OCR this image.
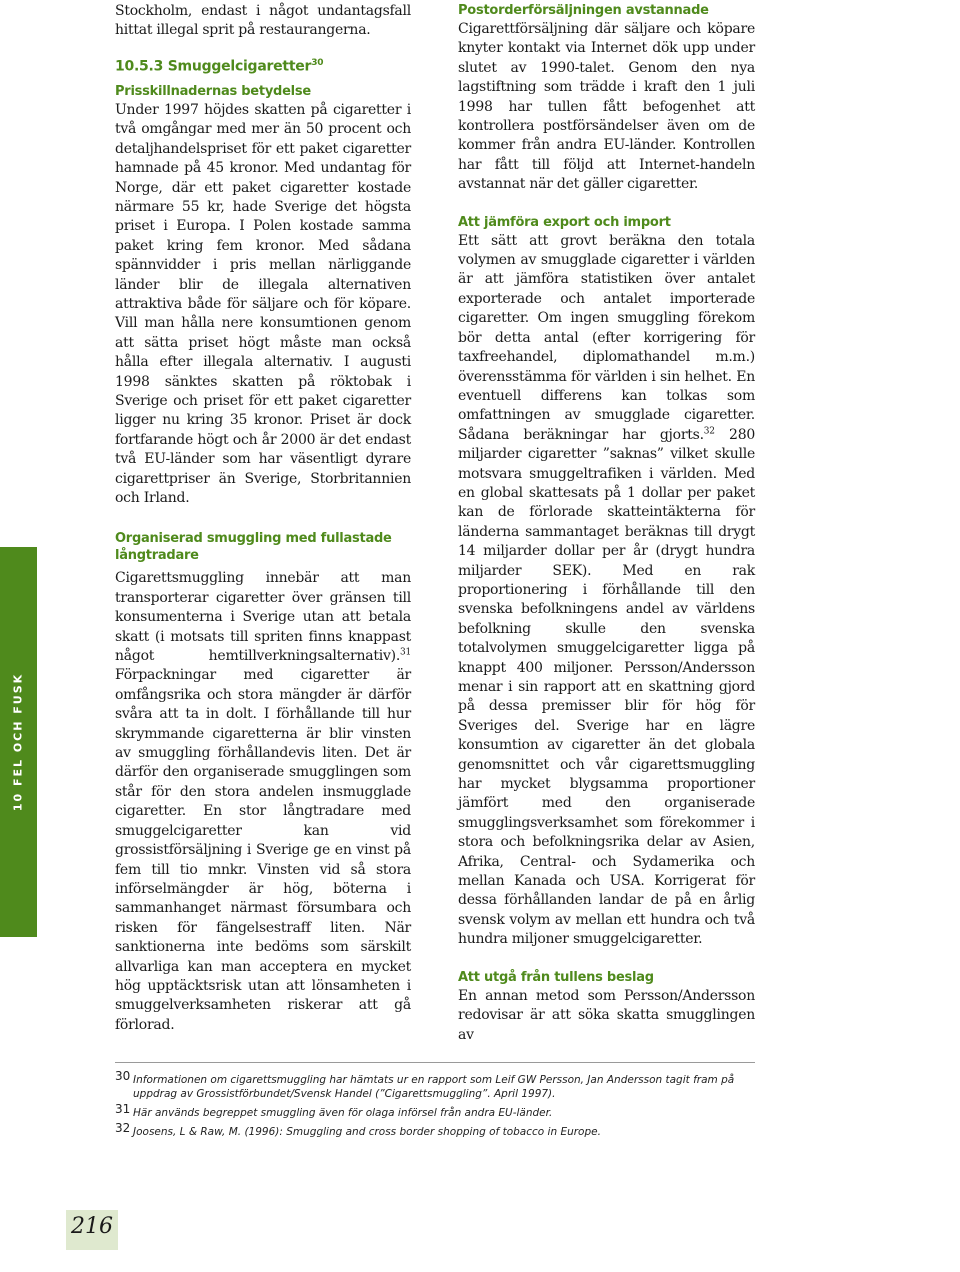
10 FEL OCH FUSK

Stockholm, endast i något undantagsfall hittat illegal sprit på restaurangerna.

10.5.3 Smuggelcigaretter$^{30}$
Prisskillnadernas betydelse

Under 1997 höjdes skatten på cigaretter i två omgångar med mer än 50 procent och detaljhandelspriset för ett paket cigaretter hamnade på 45 kronor. Med undantag för Norge, där ett paket cigaretter kostade närmare 55 kr, hade Sverige det högsta priset i Europa. I Polen kostade samma paket kring fem kronor. Med sådana spännvidder i pris mellan närliggande länder blir de illegala alternativen attraktiva både för säljare och för köpare. Vill man hålla nere konsumtionen genom att sätta priset högt måste man också hålla efter illegala alternativ. I augusti 1998 sänktes skatten på röktobak i Sverige och priset för ett paket cigaretter ligger nu kring 35 kronor. Priset är dock fortfarande högt och år 2000 är det endast två EU-länder som har väsentligt dyrare cigarettpriser än Sverige, Storbritannien och Irland.

Organiserad smuggling med fullastade långtradare

Cigarettsmuggling innebär att man transporterar cigaretter över gränsen till konsumenterna i Sverige utan att betala skatt (i motsats till spriten finns knappast något hemtillverkningsalternativ).$^{31}$ Förpackningar med cigaretter är omfångsrika och stora mängder är därför svåra att ta in dolt. I förhållande till hur skrymmande cigaretterna är blir vinsten av smuggling förhållandevis liten. Det är därför den organiserade smugglingen som står för den stora andelen insmugglade cigaretter. En stor långtradare med smuggelcigaretter kan vid grossistförsäljning i Sverige ge en vinst på fem till tio mnkr. Vinsten vid så stora införselmängder är hög, böterna i sammanhanget närmast försumbara och risken för fängelsestraff liten. När sanktionerna inte bedöms som särskilt allvarliga kan man acceptera en mycket hög upptäcktsrisk utan att lönsamheten i smuggelverksamheten riskerar att gå förlorad.

Postorderförsäljningen avstannade

Cigarettförsäljning där säljare och köpare knyter kontakt via Internet dök upp under slutet av 1990-talet. Genom den nya lagstiftning som trädde i kraft den 1 juli 1998 har tullen fått befogenhet att kontrollera postförsändelser även om de kommer från andra EU-länder. Kontrollen har fått till följd att Internet-handeln avstannat när det gäller cigaretter.

Att jämföra export och import

Ett sätt att grovt beräkna den totala volymen av smugglade cigaretter i världen är att jämföra statistiken över antalet exporterade och antalet importerade cigaretter. Om ingen smuggling förekom bör detta antal (efter korrigering för taxfreehandel, diplomathandel m.m.) överensstämma för världen i sin helhet. En eventuell differens kan tolkas som omfattningen av smugglade cigaretter. Sådana beräkningar har gjorts.$^{32}$ 280 miljarder cigaretter ”saknas” vilket skulle motsvara smuggeltrafiken i världen. Med en global skattesats på 1 dollar per paket kan de förlorade skatteintäkterna för länderna sammantaget beräknas till drygt 14 miljarder dollar per år (drygt hundra miljarder SEK). Med en rak proportionering i förhållande till den svenska befolkningens andel av världens befolkning skulle den svenska totalvolymen smuggelcigaretter ligga på knappt 400 miljoner. Persson/Andersson menar i sin rapport att en skattning gjord på dessa premisser blir för hög för Sveriges del. Sverige har en lägre konsumtion av cigaretter än det globala genomsnittet och vår cigarettsmuggling har mycket blygsamma proportioner jämfört med den organiserade smugglingsverksamhet som förekommer i stora och befolkningsrika delar av Asien, Afrika, Central- och Sydamerika och mellan Kanada och USA. Korrigerat för dessa förhållanden landar de på en årlig svensk volym av mellan ett hundra och två hundra miljoner smuggelcigaretter.

Att utgå från tullens beslag

En annan metod som Persson/Andersson redovisar är att söka skatta smugglingen av

30 Informationen om cigarettsmuggling har hämtats ur en rapport som Leif GW Persson, Jan Andersson tagit fram på uppdrag av Grossistförbundet/Svensk Handel (”Cigarettsmuggling”. April 1997).
31 Här används begreppet smuggling även för olaga införsel från andra EU-länder.
32 Joosens, L & Raw, M. (1996): Smuggling and cross border shopping of tobacco in Europe.
216
